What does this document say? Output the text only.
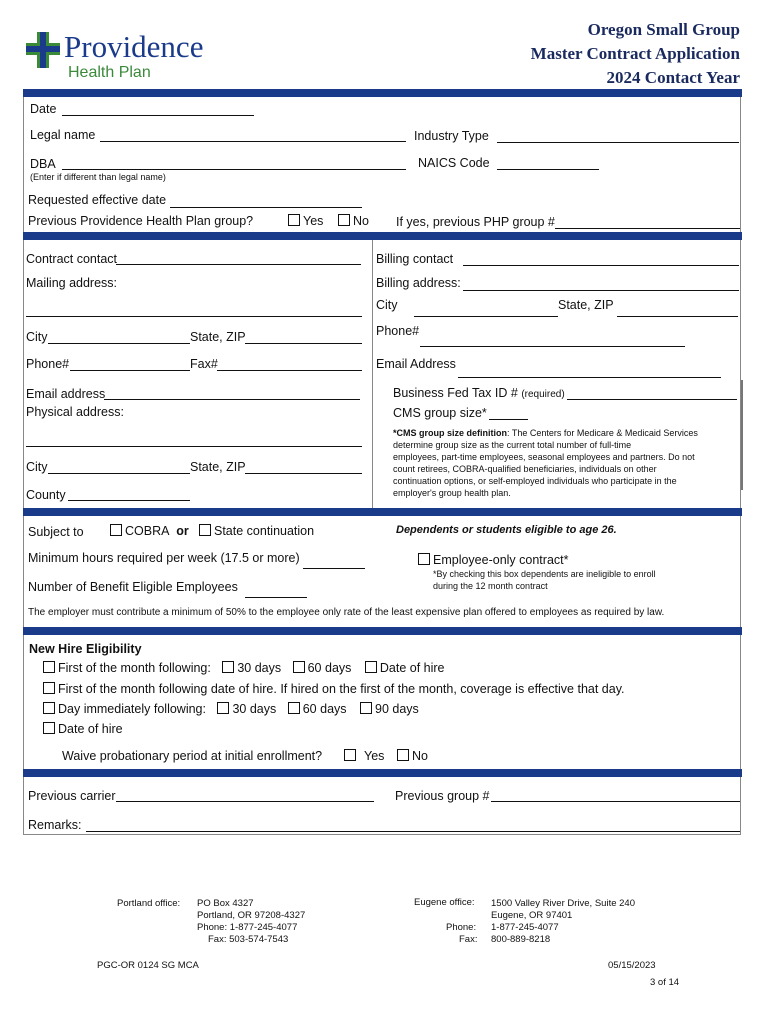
Providence
Health Plan
Oregon Small Group
Master Contract Application
2024 Contact Year
Date
Legal name	Industry Type
DBA	NAICS Code
(Enter if different than legal name)
Requested effective date
Previous Providence Health Plan group?	Yes	No If yes, previous PHP group #
Contract contact
Mailing address:
City	State, ZIP
Phone#	Fax#
Email address
Physical address:
City	State, ZIP
County
Billing contact
Billing address:
City	State, ZIP
Phone#
Email Address
Business Fed Tax ID # (required)
CMS group size*
*CMS group size definition: The Centers for Medicare & Medicaid Services
determine group size as the current total number of full-time
employees, part-time employees, seasonal employees and partners. Do not
count retirees, COBRA-qualified beneficiaries, individuals on other
continuation options, or self-employed individuals who participate in the
employer's group health plan.
Subject to	COBRA or	State continuation	Dependents or students eligible to age 26.
Minimum hours required per week (17.5 or more)	Employee-only contract*
*By checking this box dependents are ineligible to enroll
during the 12 month contract
Number of Benefit Eligible Employees
The employer must contribute a minimum of 50% to the employee only rate of the least expensive plan offered to employees as required by law.
New Hire Eligibility
First of the month following: 30 days 60 days Date of hire
First of the month following date of hire. If hired on the first of the month, coverage is effective that day.
Day immediately following: 30 days 60 days 90 days
Date of hire
Waive probationary period at initial enrollment?	Yes	No
Previous carrier	Previous group #
Remarks:
Portland office: PO Box 4327
Portland, OR 97208-4327
Phone: 1-877-245-4077
Fax: 503-574-7543
Eugene office: 1500 Valley River Drive, Suite 240
Eugene, OR 97401
Phone: 1-877-245-4077
Fax: 800-889-8218
PGC-OR 0124 SG MCA	05/15/2023
3 of 14
